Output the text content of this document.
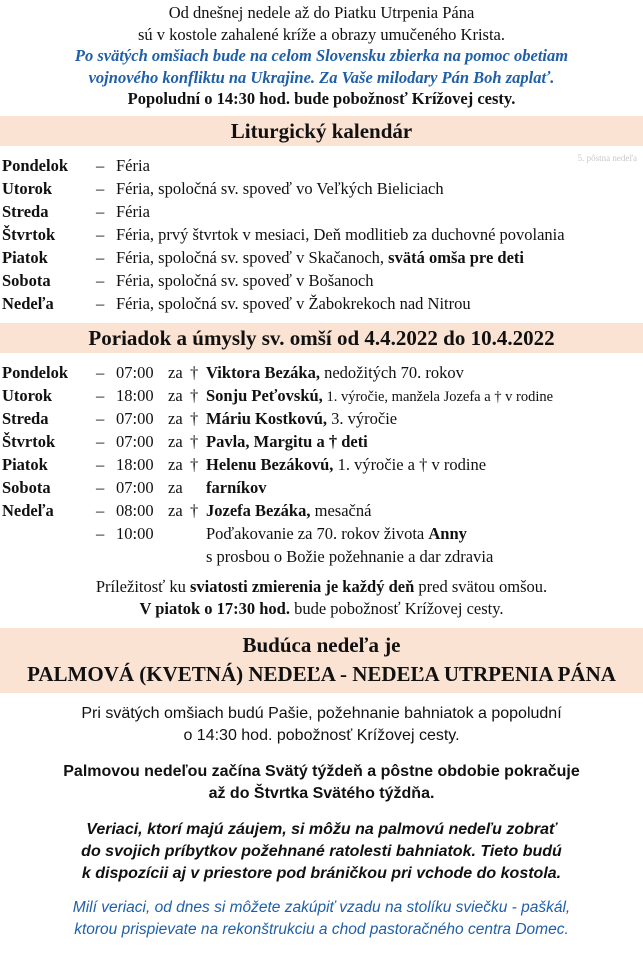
Od dnešnej nedele až do Piatku Utrpenia Pána
sú v kostole zahalené kríže a obrazy umučeného Krista.
Po svätých omšiach bude na celom Slovensku zbierka na pomoc obetiam
vojnového konfliktu na Ukrajine. Za Vaše milodary Pán Boh zaplať.
Popoludní o 14:30 hod. bude pobožnosť Krížovej cesty.
Liturgický kalendár
5. pôstna nedeľa
Pondelok	– Féria
Utorok	– Féria, spoločná sv. spoveď vo Veľkých Bieliciach
Streda	– Féria
Štvrtok	– Féria, prvý štvrtok v mesiaci, Deň modlitieb za duchovné povolania
Piatok	– Féria, spoločná sv. spoveď v Skačanoch, svätá omša pre deti
Sobota	– Féria, spoločná sv. spoveď v Bošanoch
Nedeľa	– Féria, spoločná sv. spoveď v Žabokrekoch nad Nitrou
Poriadok a úmysly sv. omší od 4.4.2022 do 10.4.2022
Pondelok	– 07:00 za † Viktora Bezáka, nedožitých 70. rokov
Utorok	– 18:00 za † Sonju Peťovskú, 1. výročie, manžela Jozefa a † v rodine
Streda	– 07:00 za † Máriu Kostkovú, 3. výročie
Štvrtok	– 07:00 za † Pavla, Margitu a † deti
Piatok	– 18:00 za † Helenu Bezákovú, 1. výročie a † v rodine
Sobota	– 07:00 za	farníkov
Nedeľa	– 08:00 za † Jozefa Bezáka, mesačná
– 10:00	Poďakovanie za 70. rokov života Anny
s prosbou o Božie požehnanie a dar zdravia
Príležitosť ku sviatosti zmierenia je každý deň pred svätou omšou.
V piatok o 17:30 hod. bude pobožnosť Krížovej cesty.
Budúca nedeľa je
PALMOVÁ (KVETNÁ) NEDEĽA - NEDEĽA UTRPENIA PÁNA
Pri svätých omšiach budú Pašie, požehnanie bahniatok a popoludní
o 14:30 hod. pobožnosť Krížovej cesty.
Palmovou nedeľou začína Svätý týždeň a pôstne obdobie pokračuje
až do Štvrtka Svätého týždňa.
Veriaci, ktorí majú záujem, si môžu na palmovú nedeľu zobrať
do svojich príbytkov požehnané ratolesti bahniatok. Tieto budú
k dispozícii aj v priestore pod bráničkou pri vchode do kostola.
Milí veriaci, od dnes si môžete zakúpiť vzadu na stolíku sviečku - paškál,
ktorou prispievate na rekonštrukciu a chod pastoračného centra Domec.
